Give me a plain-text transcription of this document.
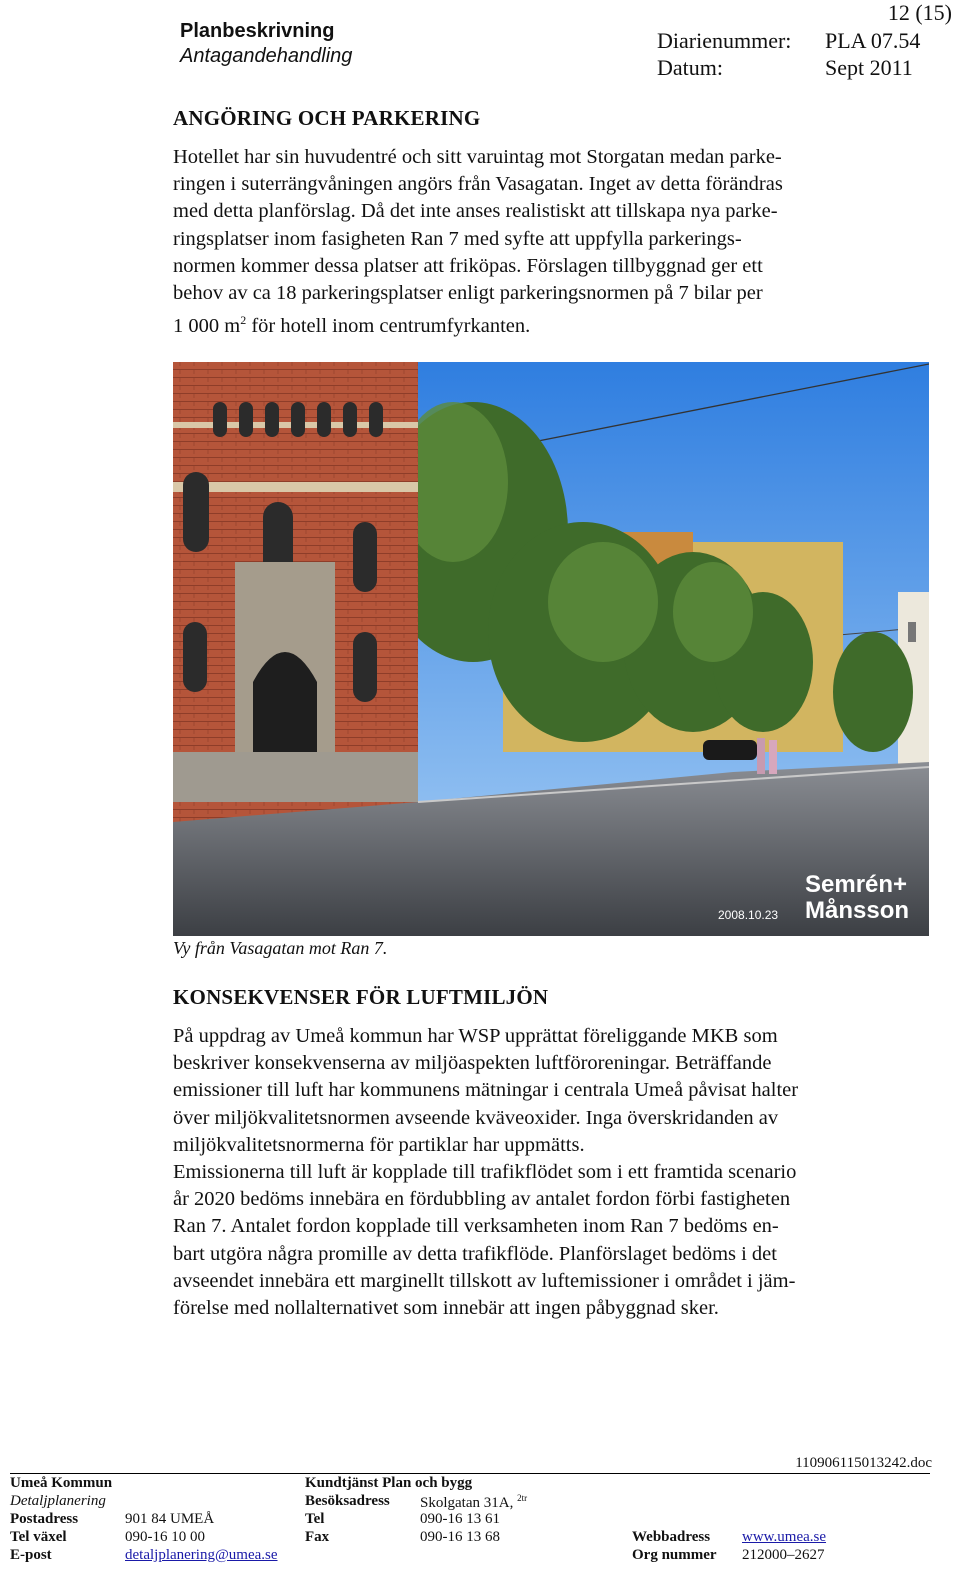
Planbeskrivning
Antagandehandling
12 (15)
Diarienummer: PLA 07.54
Datum:	Sept 2011
ANGÖRING OCH PARKERING
Hotellet har sin huvudentré och sitt varuintag mot Storgatan medan parke-
ringen i suterrängvåningen angörs från Vasagatan. Inget av detta förändras
med detta planförslag. Då det inte anses realistiskt att tillskapa nya parke-
ringsplatser inom fasigheten Ran 7 med syfte att uppfylla parkerings-
normen kommer dessa platser att friköpas. Förslagen tillbyggnad ger ett
behov av ca 18 parkeringsplatser enligt parkeringsnormen på 7 bilar per
1 000 $m^2$ för hotell inom centrumfyrkanten.
Semrén+
Månsson
2008.10.23
Vy från Vasagatan mot Ran 7.
KONSEKVENSER FÖR LUFTMILJÖN
På uppdrag av Umeå kommun har WSP upprättat föreliggande MKB som
beskriver konsekvenserna av miljöaspekten luftföroreningar. Beträffande
emissioner till luft har kommunens mätningar i centrala Umeå påvisat halter
över miljökvalitetsnormen avseende kväveoxider. Inga överskridanden av
miljökvalitetsnormerna för partiklar har uppmätts.
Emissionerna till luft är kopplade till trafikflödet som i ett framtida scenario
år 2020 bedöms innebära en fördubbling av antalet fordon förbi fastigheten
Ran 7. Antalet fordon kopplade till verksamheten inom Ran 7 bedöms en-
bart utgöra några promille av detta trafikflöde. Planförslaget bedöms i det
avseendet innebära ett marginellt tillskott av luftemissioner i området i jäm-
förelse med nollalternativet som innebär att ingen påbyggnad sker.
110906115013242.doc
Umeå Kommun
Detaljplanering
Postadress	901 84 UMEÅ
Tel växel	090-16 10 00
E-post	detaljplanering@umea.se
Kundtjänst Plan och bygg
Besöksadress Skolgatan 31A, $^{2tr}$
Tel	090-16 13 61
Fax	090-16 13 68	Webbadress www.umea.se
Org nummer 212000–2627
